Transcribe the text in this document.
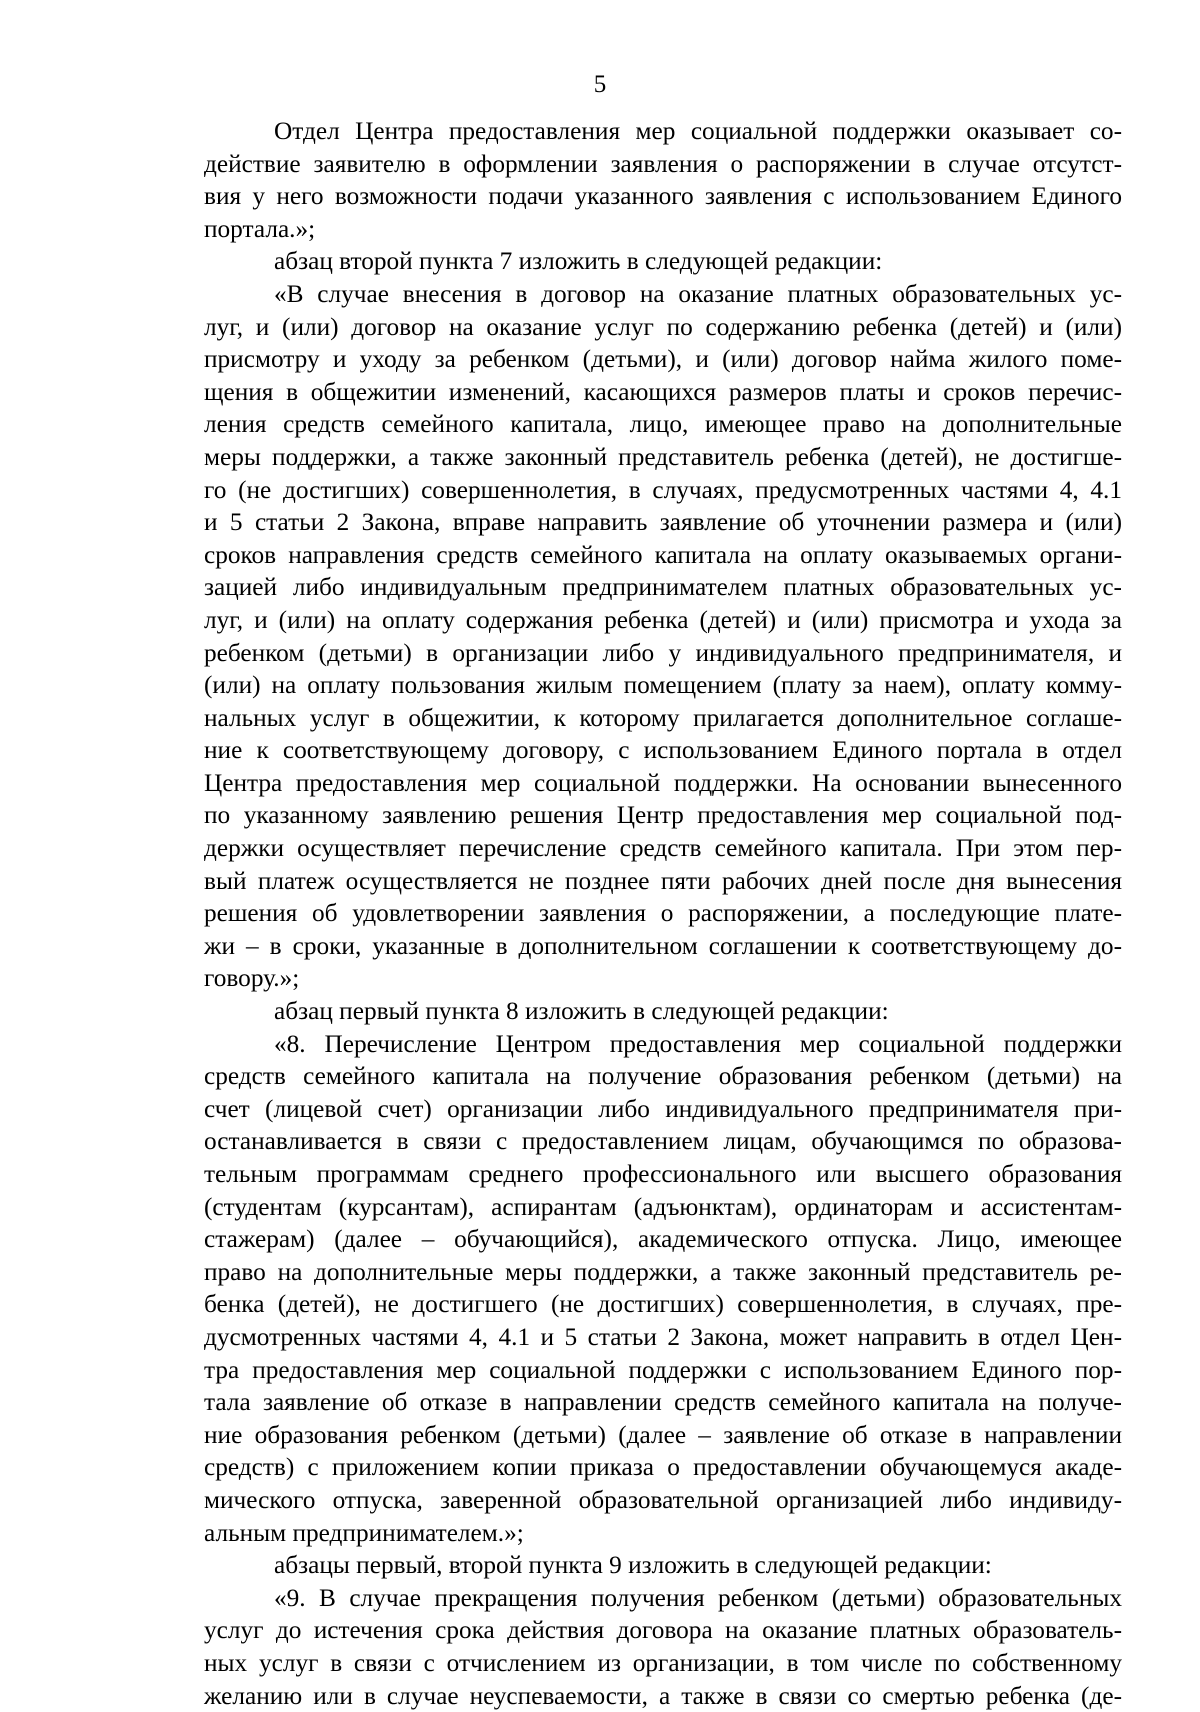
5
Отдел Центра предоставления мер социальной поддержки оказывает со-
действие заявителю в оформлении заявления о распоряжении в случае отсутст-
вия у него возможности подачи указанного заявления с использованием Единого
портала.»;
абзац второй пункта 7 изложить в следующей редакции:
«В случае внесения в договор на оказание платных образовательных ус-
луг, и (или) договор на оказание услуг по содержанию ребенка (детей) и (или)
присмотру и уходу за ребенком (детьми), и (или) договор найма жилого поме-
щения в общежитии изменений, касающихся размеров платы и сроков перечис-
ления средств семейного капитала, лицо, имеющее право на дополнительные
меры поддержки, а также законный представитель ребенка (детей), не достигше-
го (не достигших) совершеннолетия, в случаях, предусмотренных частями 4, 4.1
и 5 статьи 2 Закона, вправе направить заявление об уточнении размера и (или)
сроков направления средств семейного капитала на оплату оказываемых органи-
зацией либо индивидуальным предпринимателем платных образовательных ус-
луг, и (или) на оплату содержания ребенка (детей) и (или) присмотра и ухода за
ребенком (детьми) в организации либо у индивидуального предпринимателя, и
(или) на оплату пользования жилым помещением (плату за наем), оплату комму-
нальных услуг в общежитии, к которому прилагается дополнительное соглаше-
ние к соответствующему договору, с использованием Единого портала в отдел
Центра предоставления мер социальной поддержки. На основании вынесенного
по указанному заявлению решения Центр предоставления мер социальной под-
держки осуществляет перечисление средств семейного капитала. При этом пер-
вый платеж осуществляется не позднее пяти рабочих дней после дня вынесения
решения об удовлетворении заявления о распоряжении, а последующие плате-
жи – в сроки, указанные в дополнительном соглашении к соответствующему до-
говору.»;
абзац первый пункта 8 изложить в следующей редакции:
«8. Перечисление Центром предоставления мер социальной поддержки
средств семейного капитала на получение образования ребенком (детьми) на
счет (лицевой счет) организации либо индивидуального предпринимателя при-
останавливается в связи с предоставлением лицам, обучающимся по образова-
тельным программам среднего профессионального или высшего образования
(студентам (курсантам), аспирантам (адъюнктам), ординаторам и ассистентам-
стажерам) (далее – обучающийся), академического отпуска. Лицо, имеющее
право на дополнительные меры поддержки, а также законный представитель ре-
бенка (детей), не достигшего (не достигших) совершеннолетия, в случаях, пре-
дусмотренных частями 4, 4.1 и 5 статьи 2 Закона, может направить в отдел Цен-
тра предоставления мер социальной поддержки с использованием Единого пор-
тала заявление об отказе в направлении средств семейного капитала на получе-
ние образования ребенком (детьми) (далее – заявление об отказе в направлении
средств) с приложением копии приказа о предоставлении обучающемуся акаде-
мического отпуска, заверенной образовательной организацией либо индивиду-
альным предпринимателем.»;
абзацы первый, второй пункта 9 изложить в следующей редакции:
«9. В случае прекращения получения ребенком (детьми) образовательных
услуг до истечения срока действия договора на оказание платных образователь-
ных услуг в связи с отчислением из организации, в том числе по собственному
желанию или в случае неуспеваемости, а также в связи со смертью ребенка (де-
